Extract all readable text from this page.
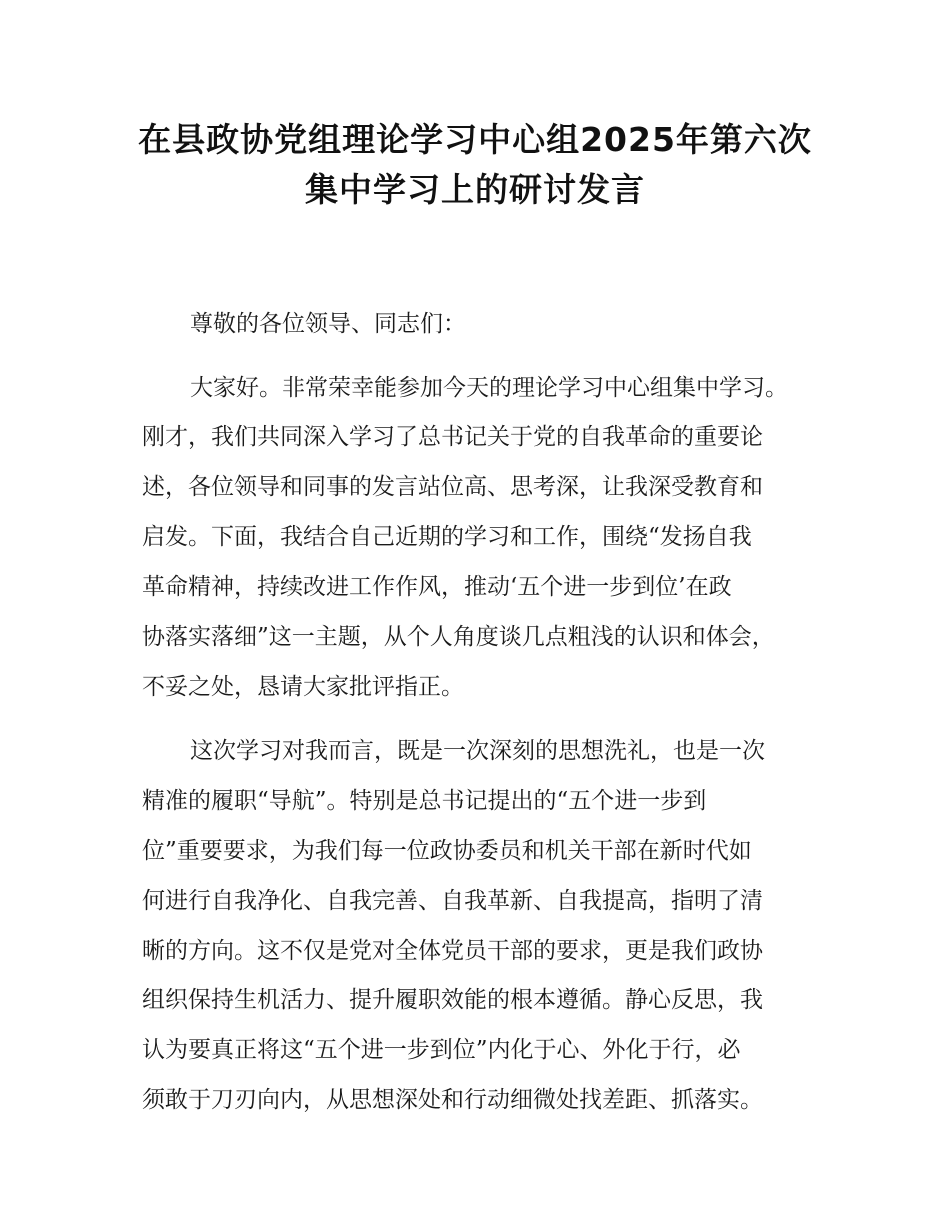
在县政协党组理论学习中心组2025年第六次
集中学习上的研讨发言
尊敬的各位领导、同志们：
大家好。非常荣幸能参加今天的理论学习中心组集中学习。
刚才，我们共同深入学习了总书记关于党的自我革命的重要论
述，各位领导和同事的发言站位高、思考深，让我深受教育和
启发。下面，我结合自己近期的学习和工作，围绕“发扬自我
革命精神，持续改进工作作风，推动‘五个进一步到位’在政
协落实落细”这一主题，从个人角度谈几点粗浅的认识和体会，
不妥之处，恳请大家批评指正。
这次学习对我而言，既是一次深刻的思想洗礼，也是一次
精准的履职“导航”。特别是总书记提出的“五个进一步到
位”重要要求，为我们每一位政协委员和机关干部在新时代如
何进行自我净化、自我完善、自我革新、自我提高，指明了清
晰的方向。这不仅是党对全体党员干部的要求，更是我们政协
组织保持生机活力、提升履职效能的根本遵循。静心反思，我
认为要真正将这“五个进一步到位”内化于心、外化于行，必
须敢于刀刃向内，从思想深处和行动细微处找差距、抓落实。
